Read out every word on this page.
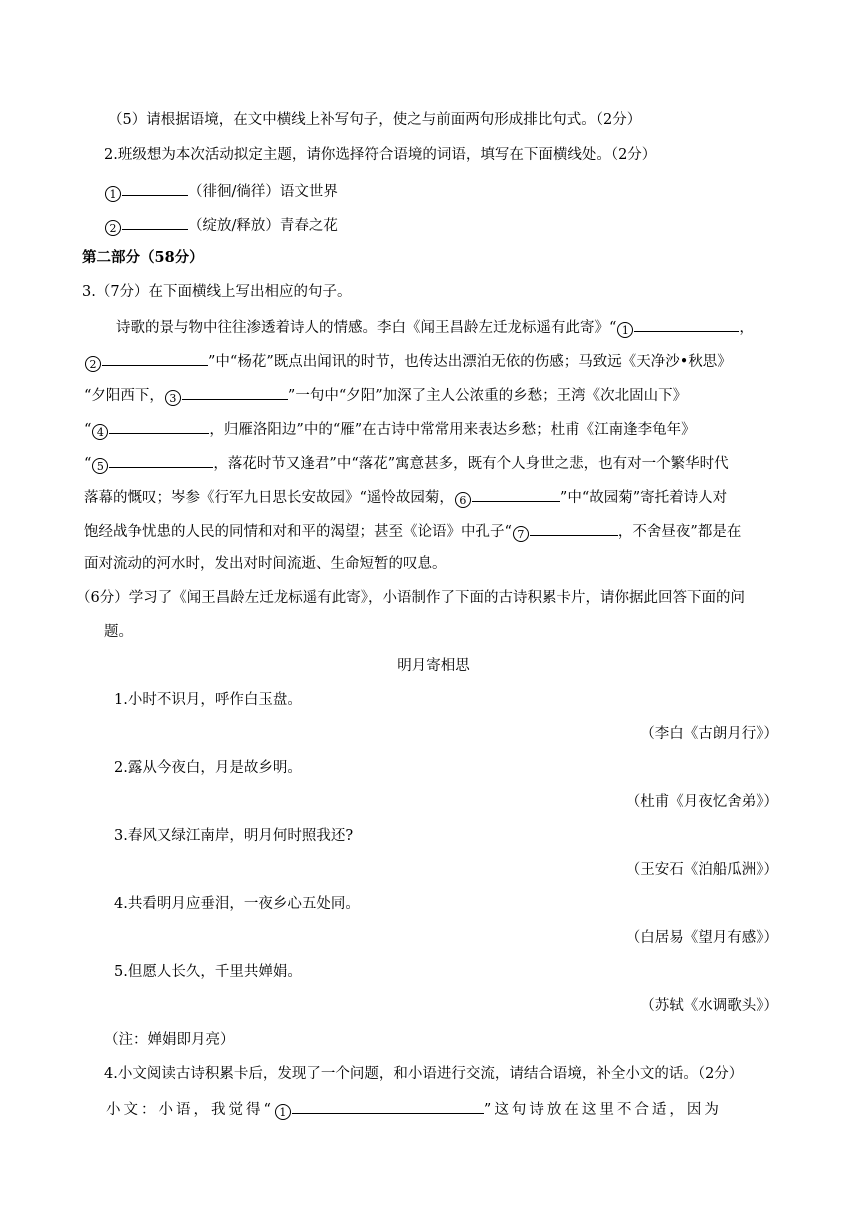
（5）请根据语境，在文中横线上补写句子，使之与前面两句形成排比句式。（2分）
2.班级想为本次活动拟定主题，请你选择符合语境的词语，填写在下面横线处。（2分）
1	（徘徊/徜徉）语文世界
2	（绽放/释放）青春之花
第二部分（58分）
3.（7分）在下面横线上写出相应的句子。
诗歌的景与物中往往渗透着诗人的情感。李白《闻王昌龄左迁龙标遥有此寄》“ 1	，
2	”中“杨花”既点出闻讯的时节，也传达出漂泊无依的伤感；马致远《天净沙•秋思》
“夕阳西下， 3	”一句中“夕阳”加深了主人公浓重的乡愁；王湾《次北固山下》
“ 4	，归雁洛阳边”中的“雁”在古诗中常常用来表达乡愁；杜甫《江南逢李龟年》
“ 5	，落花时节又逢君”中“落花”寓意甚多，既有个人身世之悲，也有对一个繁华时代
落幕的慨叹；岑参《行军九日思长安故园》“遥怜故园菊， 6	”中“故园菊”寄托着诗人对
饱经战争忧患的人民的同情和对和平的渴望；甚至《论语》中孔子“ 7	，不舍昼夜”都是在
面对流动的河水时，发出对时间流逝、生命短暂的叹息。
（6分）学习了《闻王昌龄左迁龙标遥有此寄》，小语制作了下面的古诗积累卡片，请你据此回答下面的问
题。
明月寄相思
1.小时不识月，呼作白玉盘。
（李白《古朗月行》）
2.露从今夜白，月是故乡明。
（杜甫《月夜忆舍弟》）
3.春风又绿江南岸，明月何时照我还?
（王安石《泊船瓜洲》）
4.共看明月应垂泪，一夜乡心五处同。
（白居易《望月有感》）
5.但愿人长久，千里共婵娟。
（苏轼《水调歌头》）
（注：婵娟即月亮）
4.小文阅读古诗积累卡后，发现了一个问题，和小语进行交流，请结合语境，补全小文的话。（2分）
小文：小语，我觉得“ 1	”这句诗放在这里不合适，因为
